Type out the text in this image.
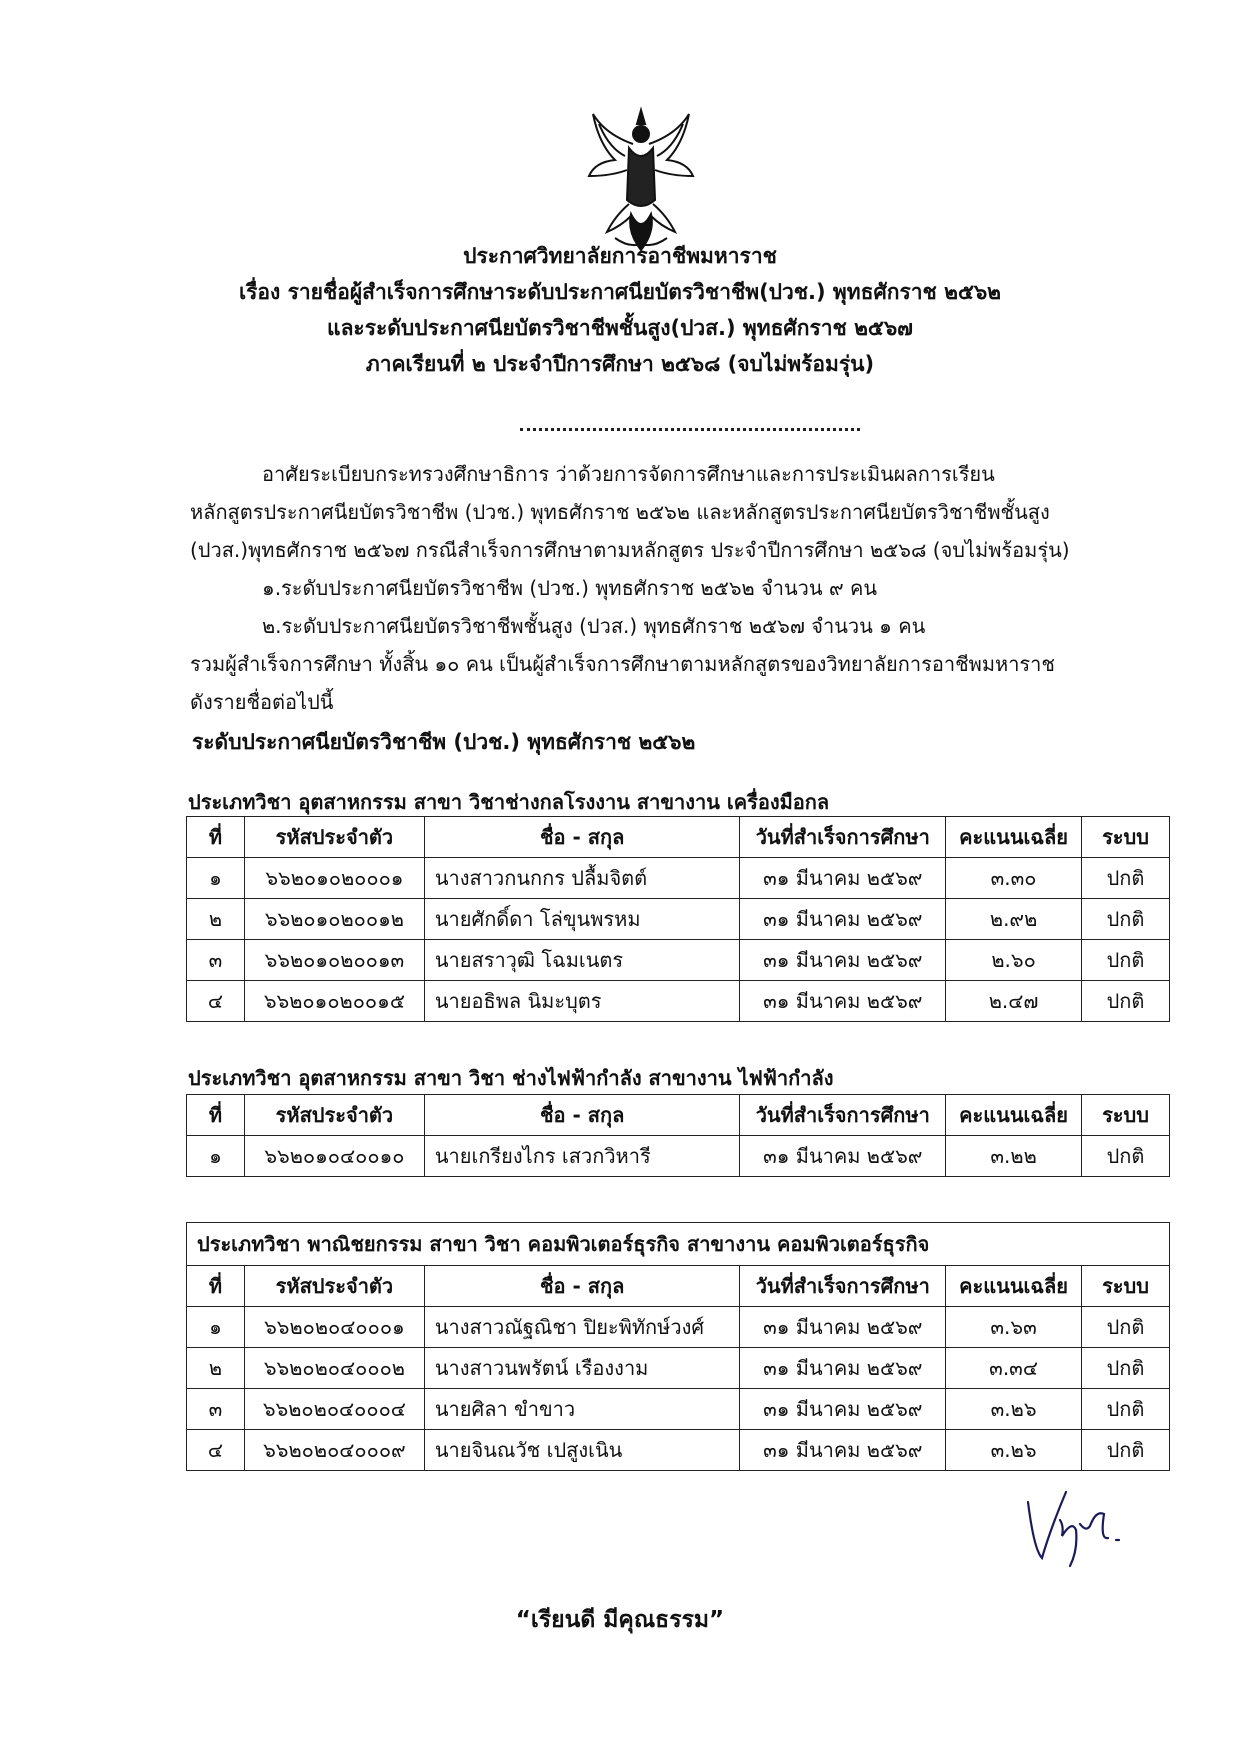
ประกาศวิทยาลัยการอาชีพมหาราช
เรื่อง รายชื่อผู้สำเร็จการศึกษาระดับประกาศนียบัตรวิชาชีพ(ปวช.) พุทธศักราช ๒๕๖๒
และระดับประกาศนียบัตรวิชาชีพชั้นสูง(ปวส.) พุทธศักราช ๒๕๖๗
ภาคเรียนที่ ๒ ประจำปีการศึกษา ๒๕๖๘ (จบไม่พร้อมรุ่น)
อาศัยระเบียบกระทรวงศึกษาธิการ ว่าด้วยการจัดการศึกษาและการประเมินผลการเรียน
หลักสูตรประกาศนียบัตรวิชาชีพ (ปวช.) พุทธศักราช ๒๕๖๒ และหลักสูตรประกาศนียบัตรวิชาชีพชั้นสูง
(ปวส.)พุทธศักราช ๒๕๖๗ กรณีสำเร็จการศึกษาตามหลักสูตร ประจำปีการศึกษา ๒๕๖๘ (จบไม่พร้อมรุ่น)
๑.ระดับประกาศนียบัตรวิชาชีพ (ปวช.) พุทธศักราช ๒๕๖๒ จำนวน ๙ คน
๒.ระดับประกาศนียบัตรวิชาชีพชั้นสูง (ปวส.) พุทธศักราช ๒๕๖๗ จำนวน ๑ คน
รวมผู้สำเร็จการศึกษา ทั้งสิ้น ๑๐ คน เป็นผู้สำเร็จการศึกษาตามหลักสูตรของวิทยาลัยการอาชีพมหาราช
ดังรายชื่อต่อไปนี้
ระดับประกาศนียบัตรวิชาชีพ (ปวช.) พุทธศักราช ๒๕๖๒
ประเภทวิชา อุตสาหกรรม สาขา วิชาช่างกลโรงงาน สาขางาน เครื่องมือกล
ที่	รหัสประจำตัว	ชื่อ - สกุล	วันที่สำเร็จการศึกษา	คะแนนเฉลี่ย	ระบบ
๑	๖๖๒๐๑๐๒๐๐๐๑	นางสาวกนกกร ปลื้มจิตต์	๓๑ มีนาคม ๒๕๖๙	๓.๓๐	ปกติ
๒	๖๖๒๐๑๐๒๐๐๑๒	นายศักดิ์ดา โล่ขุนพรหม	๓๑ มีนาคม ๒๕๖๙	๒.๙๒	ปกติ
๓	๖๖๒๐๑๐๒๐๐๑๓	นายสราวุฒิ โฉมเนตร	๓๑ มีนาคม ๒๕๖๙	๒.๖๐	ปกติ
๔	๖๖๒๐๑๐๒๐๐๑๕	นายอธิพล นิมะบุตร	๓๑ มีนาคม ๒๕๖๙	๒.๔๗	ปกติ
ประเภทวิชา อุตสาหกรรม สาขา วิชา ช่างไฟฟ้ากำลัง สาขางาน ไฟฟ้ากำลัง
ที่	รหัสประจำตัว	ชื่อ - สกุล	วันที่สำเร็จการศึกษา	คะแนนเฉลี่ย	ระบบ
๑	๖๖๒๐๑๐๔๐๐๑๐	นายเกรียงไกร เสวกวิหารี	๓๑ มีนาคม ๒๕๖๙	๓.๒๒	ปกติ
ประเภทวิชา พาณิชยกรรม สาขา วิชา คอมพิวเตอร์ธุรกิจ สาขางาน คอมพิวเตอร์ธุรกิจ					
ที่	รหัสประจำตัว	ชื่อ - สกุล	วันที่สำเร็จการศึกษา	คะแนนเฉลี่ย	ระบบ
๑	๖๖๒๐๒๐๔๐๐๐๑	นางสาวณัฐณิชา ปิยะพิทักษ์วงศ์	๓๑ มีนาคม ๒๕๖๙	๓.๖๓	ปกติ
๒	๖๖๒๐๒๐๔๐๐๐๒	นางสาวนพรัตน์ เรืองงาม	๓๑ มีนาคม ๒๕๖๙	๓.๓๔	ปกติ
๓	๖๖๒๐๒๐๔๐๐๐๔	นายศิลา ขำขาว	๓๑ มีนาคม ๒๕๖๙	๓.๒๖	ปกติ
๔	๖๖๒๐๒๐๔๐๐๐๙	นายจินณวัช เปสูงเนิน	๓๑ มีนาคม ๒๕๖๙	๓.๒๖	ปกติ
“เรียนดี มีคุณธรรม”
